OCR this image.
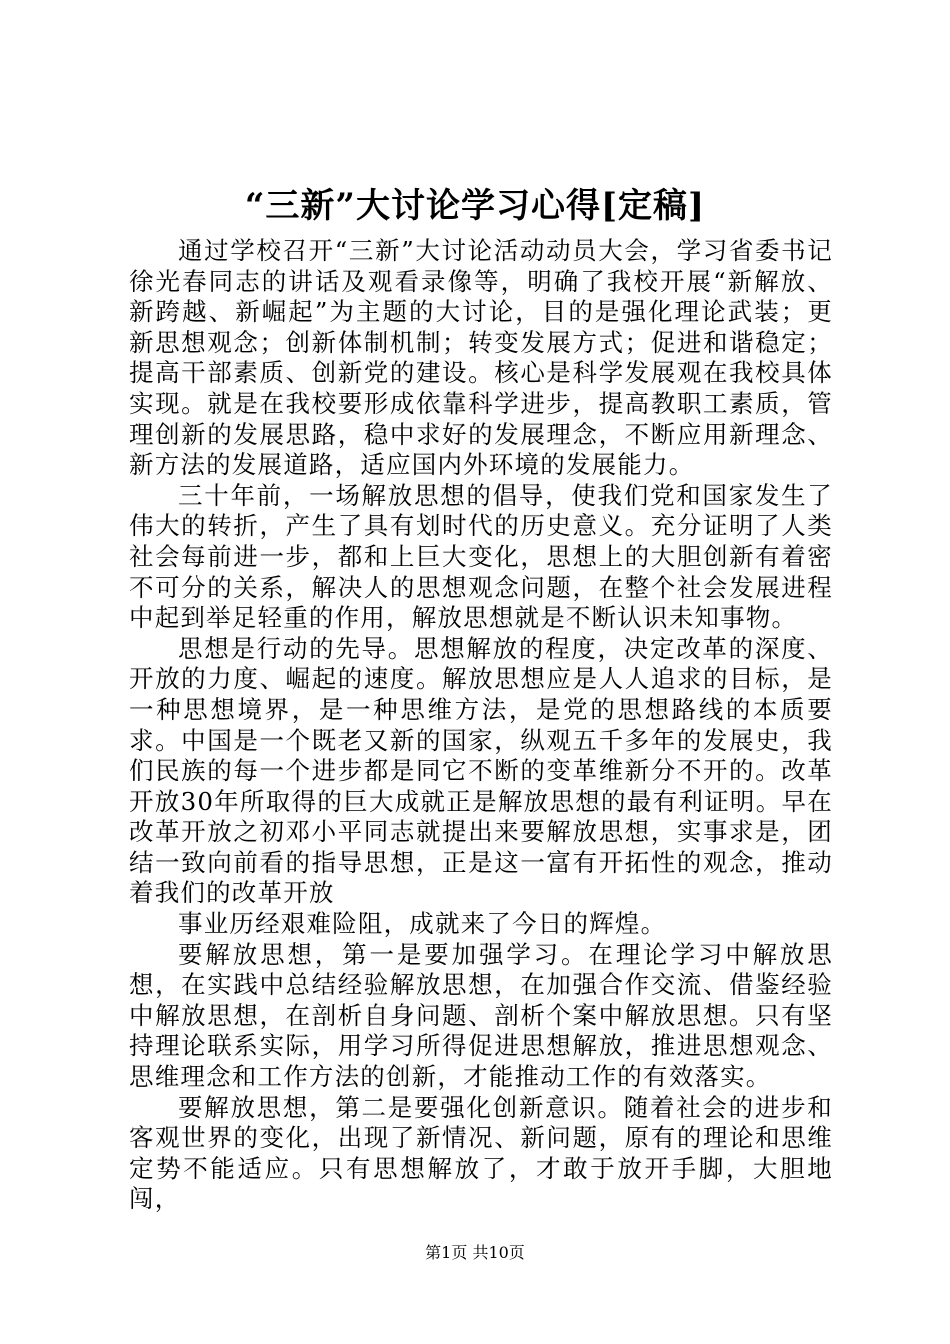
“三新”大讨论学习心得[定稿]

通过学校召开“三新”大讨论活动动员大会，学习省委书记徐光春同志的讲话及观看录像等，明确了我校开展“新解放、新跨越、新崛起”为主题的大讨论，目的是强化理论武装；更新思想观念；创新体制机制；转变发展方式；促进和谐稳定；提高干部素质、创新党的建设。核心是科学发展观在我校具体实现。就是在我校要形成依靠科学进步，提高教职工素质，管理创新的发展思路，稳中求好的发展理念，不断应用新理念、新方法的发展道路，适应国内外环境的发展能力。

三十年前，一场解放思想的倡导，使我们党和国家发生了伟大的转折，产生了具有划时代的历史意义。充分证明了人类社会每前进一步，都和上巨大变化，思想上的大胆创新有着密不可分的关系，解决人的思想观念问题，在整个社会发展进程中起到举足轻重的作用，解放思想就是不断认识未知事物。

思想是行动的先导。思想解放的程度，决定改革的深度、开放的力度、崛起的速度。解放思想应是人人追求的目标，是一种思想境界，是一种思维方法，是党的思想路线的本质要求。中国是一个既老又新的国家，纵观五千多年的发展史，我们民族的每一个进步都是同它不断的变革维新分不开的。改革开放30年所取得的巨大成就正是解放思想的最有利证明。早在改革开放之初邓小平同志就提出来要解放思想，实事求是，团结一致向前看的指导思想，正是这一富有开拓性的观念，推动着我们的改革开放

事业历经艰难险阻，成就来了今日的辉煌。

要解放思想，第一是要加强学习。在理论学习中解放思想，在实践中总结经验解放思想，在加强合作交流、借鉴经验中解放思想，在剖析自身问题、剖析个案中解放思想。只有坚持理论联系实际，用学习所得促进思想解放，推进思想观念、思维理念和工作方法的创新，才能推动工作的有效落实。

要解放思想，第二是要强化创新意识。随着社会的进步和客观世界的变化，出现了新情况、新问题，原有的理论和思维定势不能适应。只有思想解放了，才敢于放开手脚，大胆地闯，

第1页 共10页
